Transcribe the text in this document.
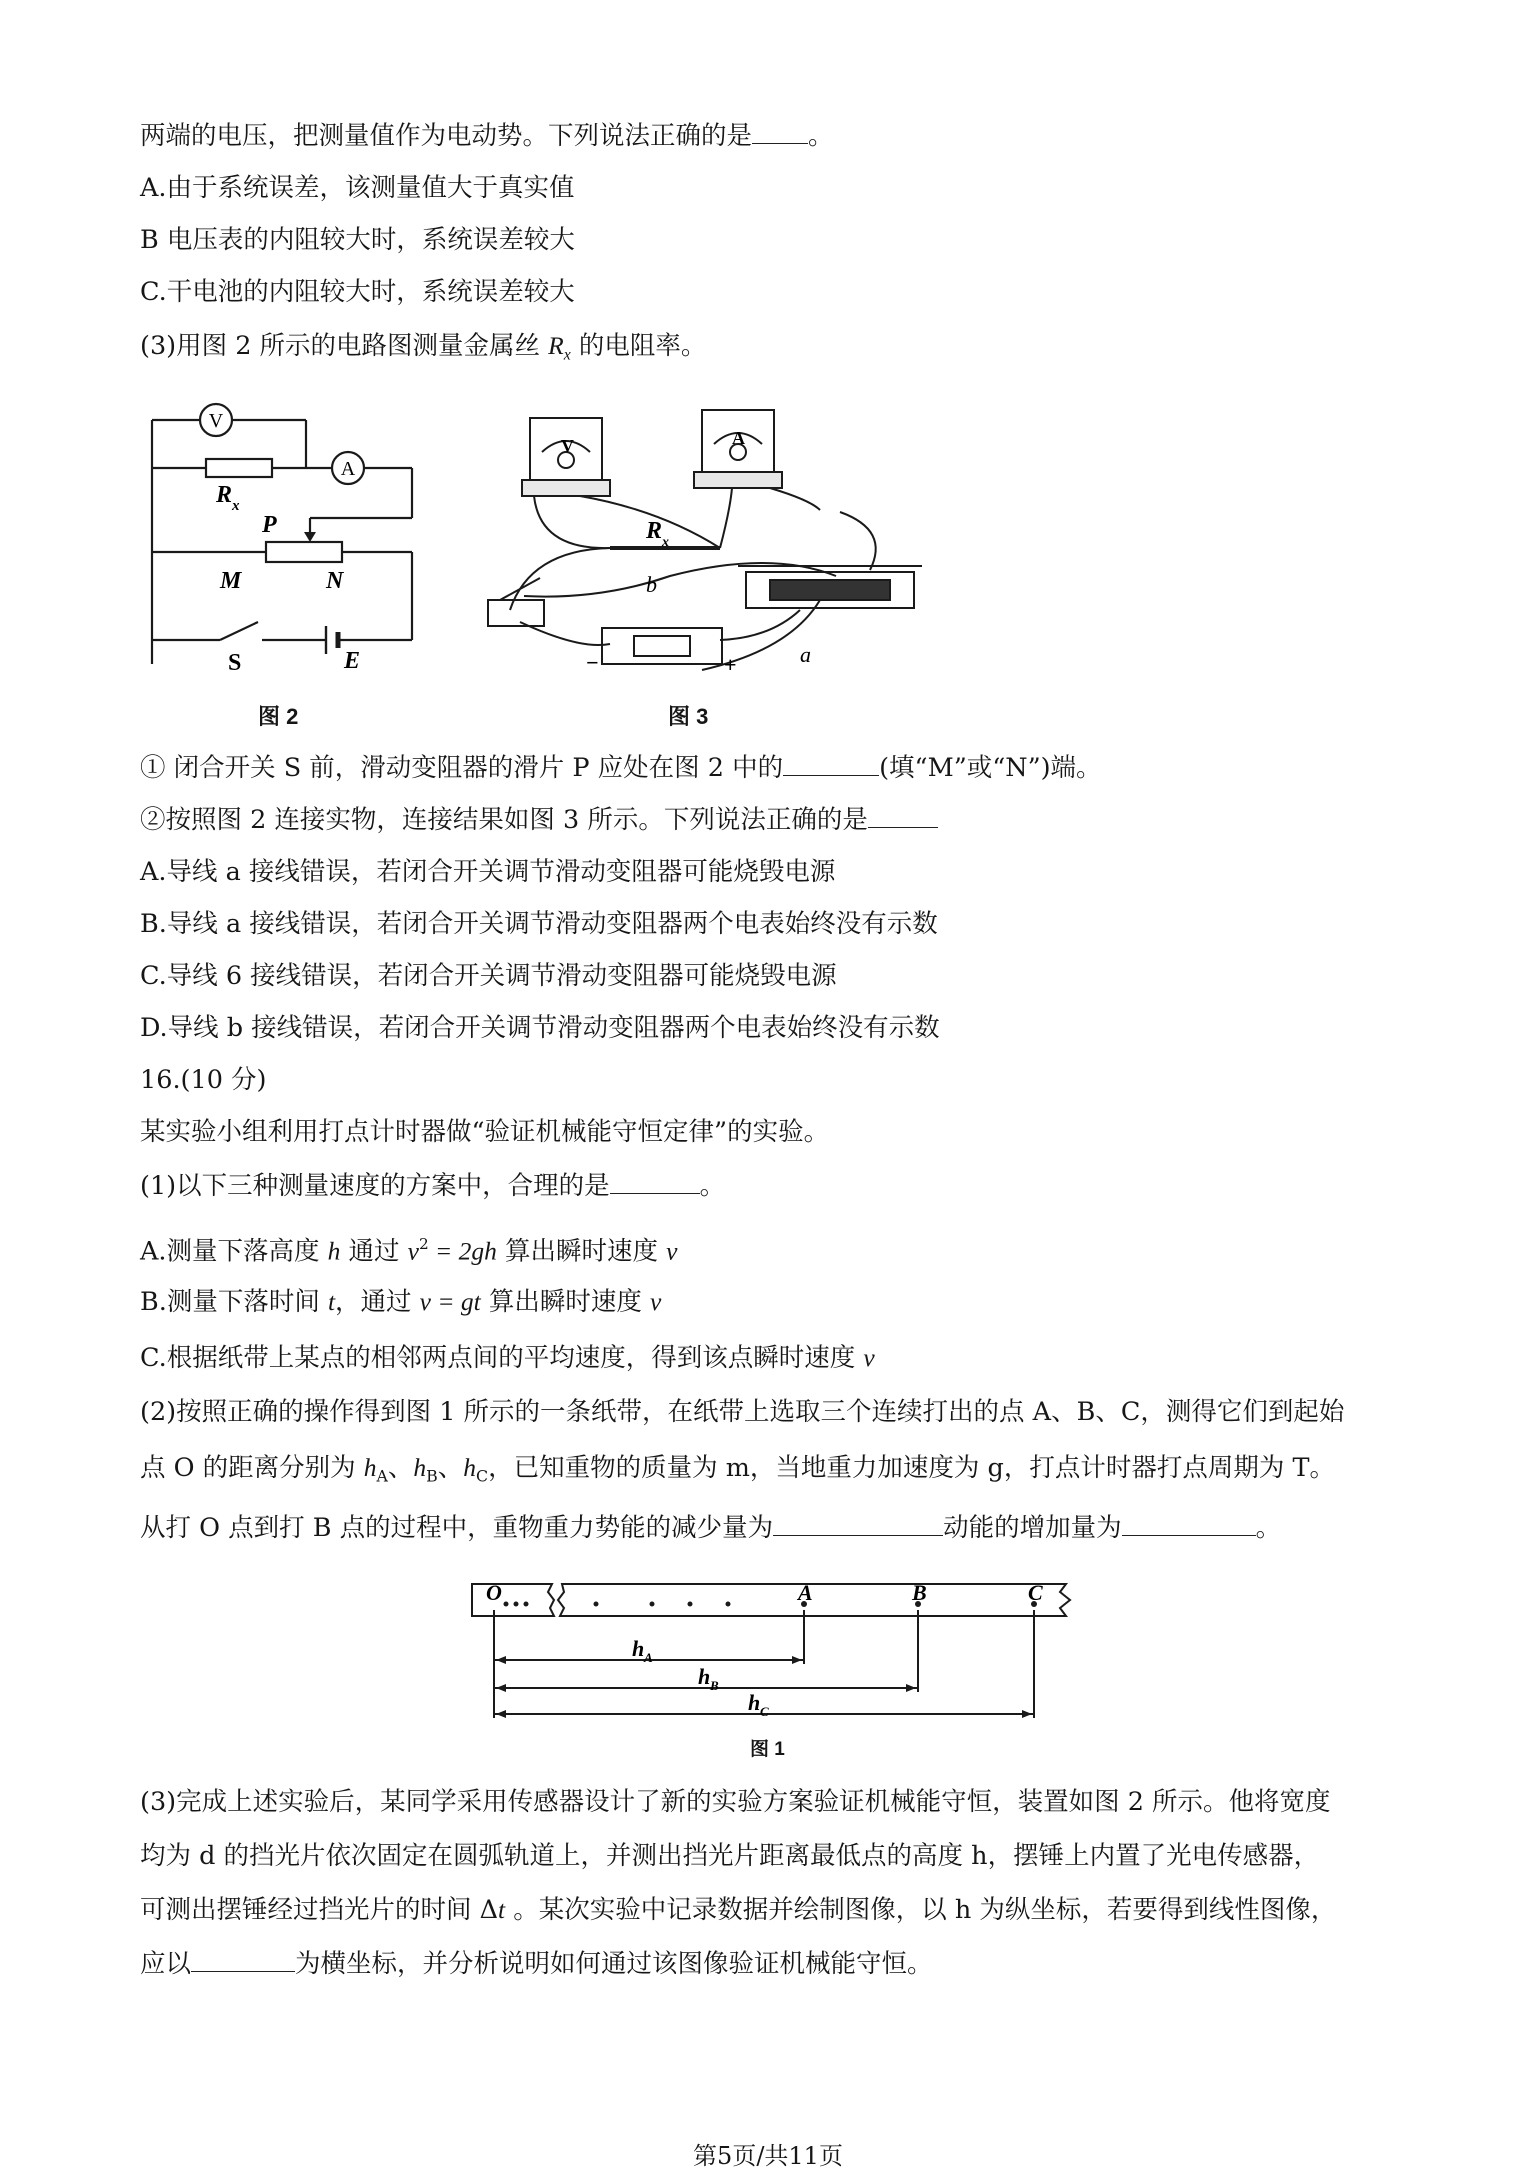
两端的电压，把测量值作为电动势。下列说法正确的是 。
A.由于系统误差，该测量值大于真实值
B 电压表的内阻较大时，系统误差较大
C.干电池的内阻较大时，系统误差较大
(3)用图 2 所示的电路图测量金属丝 $R_x$ 的电阻率。
V
A
R x
P
M	N
S	E
V	A
R x
b
a
−	+
图 2	图 3
① 闭合开关 S 前，滑动变阻器的滑片 P 应处在图 2 中的	(填“M”或“N”)端。
②按照图 2 连接实物，连接结果如图 3 所示。下列说法正确的是
A.导线 a 接线错误，若闭合开关调节滑动变阻器可能烧毁电源
B.导线 a 接线错误，若闭合开关调节滑动变阻器两个电表始终没有示数
C.导线 6 接线错误，若闭合开关调节滑动变阻器可能烧毁电源
D.导线 b 接线错误，若闭合开关调节滑动变阻器两个电表始终没有示数
16.(10 分)
某实验小组利用打点计时器做“验证机械能守恒定律”的实验。
(1)以下三种测量速度的方案中，合理的是	。
A.测量下落高度 h 通过 $v^2 = 2gh$ 算出瞬时速度 v
B.测量下落时间 t，通过 v = gt 算出瞬时速度 v
C.根据纸带上某点的相邻两点间的平均速度，得到该点瞬时速度 v
(2)按照正确的操作得到图 1 所示的一条纸带，在纸带上选取三个连续打出的点 A、B、C，测得它们到起始
点 O 的距离分别为 $h_A$、$h_B$、$h_C$，已知重物的质量为 m，当地重力加速度为 g，打点计时器打点周期为 T。
从打 O 点到打 B 点的过程中，重物重力势能的减少量为	动能的增加量为	。
O	A	B	C
h A
h B
h C
图 1
(3)完成上述实验后，某同学采用传感器设计了新的实验方案验证机械能守恒，装置如图 2 所示。他将宽度
均为 d 的挡光片依次固定在圆弧轨道上，并测出挡光片距离最低点的高度 h，摆锤上内置了光电传感器，
可测出摆锤经过挡光片的时间 Δt 。某次实验中记录数据并绘制图像，以 h 为纵坐标，若要得到线性图像，
应以	为横坐标，并分析说明如何通过该图像验证机械能守恒。
第5页/共11页
